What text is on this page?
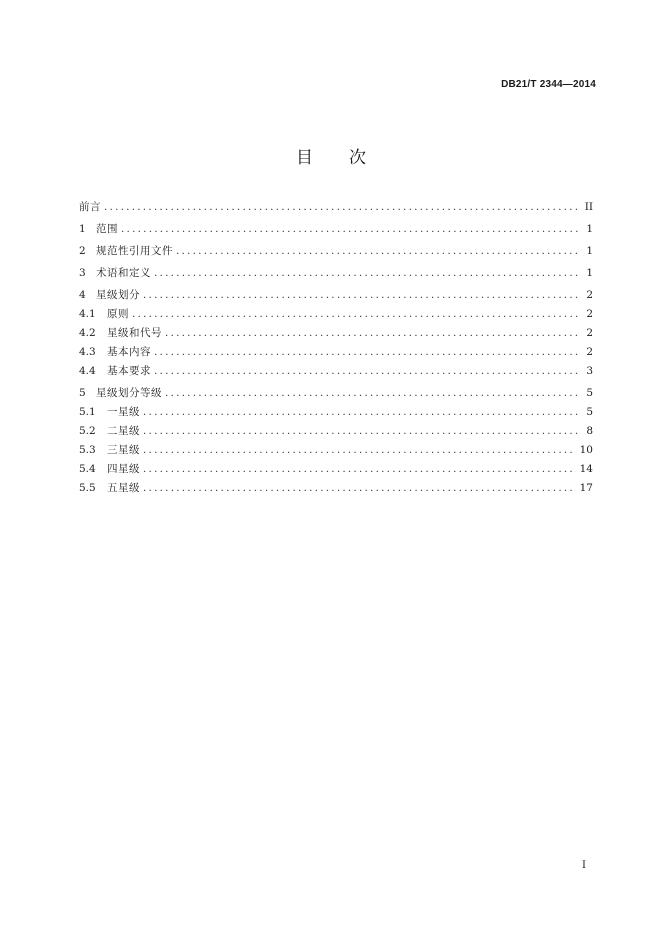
DB21/T 2344—2014
目次
前言 .....	II
1 范围 .....	1
2 规范性引用文件 .....	1
3 术语和定义 .....	1
4 星级划分 .....	2
4.1	原则 .....	2
4.2	星级和代号 .....	2
4.3	基本内容 .....	2
4.4	基本要求 .....	3
5 星级划分等级 .....	5
5.1	一星级 .....	5
5.2	二星级 .....	8
5.3	三星级 .....	10
5.4	四星级 .....	14
5.5	五星级 .....	17
I
